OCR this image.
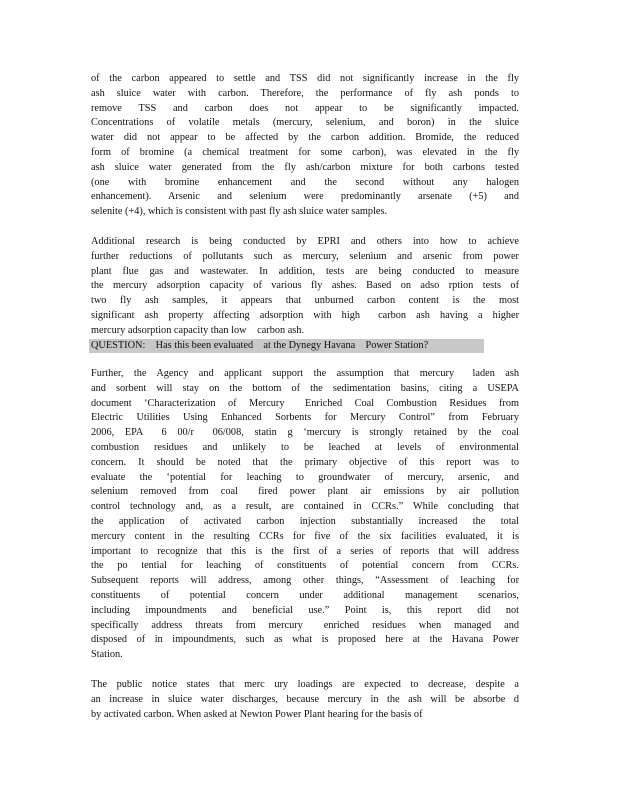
of the carbon appeared to settle and TSS did not significantly increase in the fly
ash sluice water with carbon. Therefore, the performance of fly ash ponds to
remove TSS and carbon does not appear to be significantly impacted.
Concentrations of volatile metals (mercury, selenium, and boron) in the sluice
water did not appear to be affected by the carbon addition. Bromide, the reduced
form of bromine (a chemical treatment for some carbon), was elevated in the fly
ash sluice water generated from the fly ash/carbon mixture for both carbons tested
(one with bromine enhancement and the second without any halogen
enhancement). Arsenic and selenium were predominantly arsenate (+5) and
selenite (+4), which is consistent with past fly ash sluice water samples.
Additional research is being conducted by EPRI and others into how to achieve
further reductions of pollutants such as mercury, selenium and arsenic from power
plant flue gas and wastewater. In addition, tests are being conducted to measure
the mercury adsorption capacity of various fly ashes. Based on adso rption tests of
two fly ash samples, it appears that unburned carbon content is the most
significant ash property affecting adsorption with high  carbon ash having a higher
mercury adsorption capacity than low  carbon ash.
QUESTION:    Has this been evaluated    at the Dynegy Havana    Power Station?
Further, the Agency and applicant support the assumption that mercury  laden ash
and sorbent will stay on the bottom of the sedimentation basins, citing a USEPA
document ‘Characterization of Mercury  Enriched Coal Combustion Residues from
Electric Utilities Using Enhanced Sorbents for Mercury Control” from February
2006, EPA  6 00/r  06/008, statin g ‘mercury is strongly retained by the coal
combustion residues and unlikely to be leached at levels of environmental
concern. It should be noted that the primary objective of this report was to
evaluate the ‘potential for leaching to groundwater of mercury, arsenic, and
selenium removed from coal  fired power plant air emissions by air pollution
control technology and, as a result, are contained in CCRs.” While concluding that
the application of activated carbon injection substantially increased the total
mercury content in the resulting CCRs for five of the six facilities evaluated, it is
important to recognize that this is the first of a series of reports that will address
the po tential for leaching of constituents of potential concern from CCRs.
Subsequent reports will address, among other things, “Assessment of leaching for
constituents of potential concern under additional management scenarios,
including impoundments and beneficial use.” Point is, this report did not
specifically address threats from mercury  enriched residues when managed and
disposed of in impoundments, such as what is proposed here at the Havana Power
Station.
The public notice states that merc ury loadings are expected to decrease, despite a
an increase in sluice water discharges, because mercury in the ash will be absorbe d
by activated carbon. When asked at Newton Power Plant hearing for the basis of
